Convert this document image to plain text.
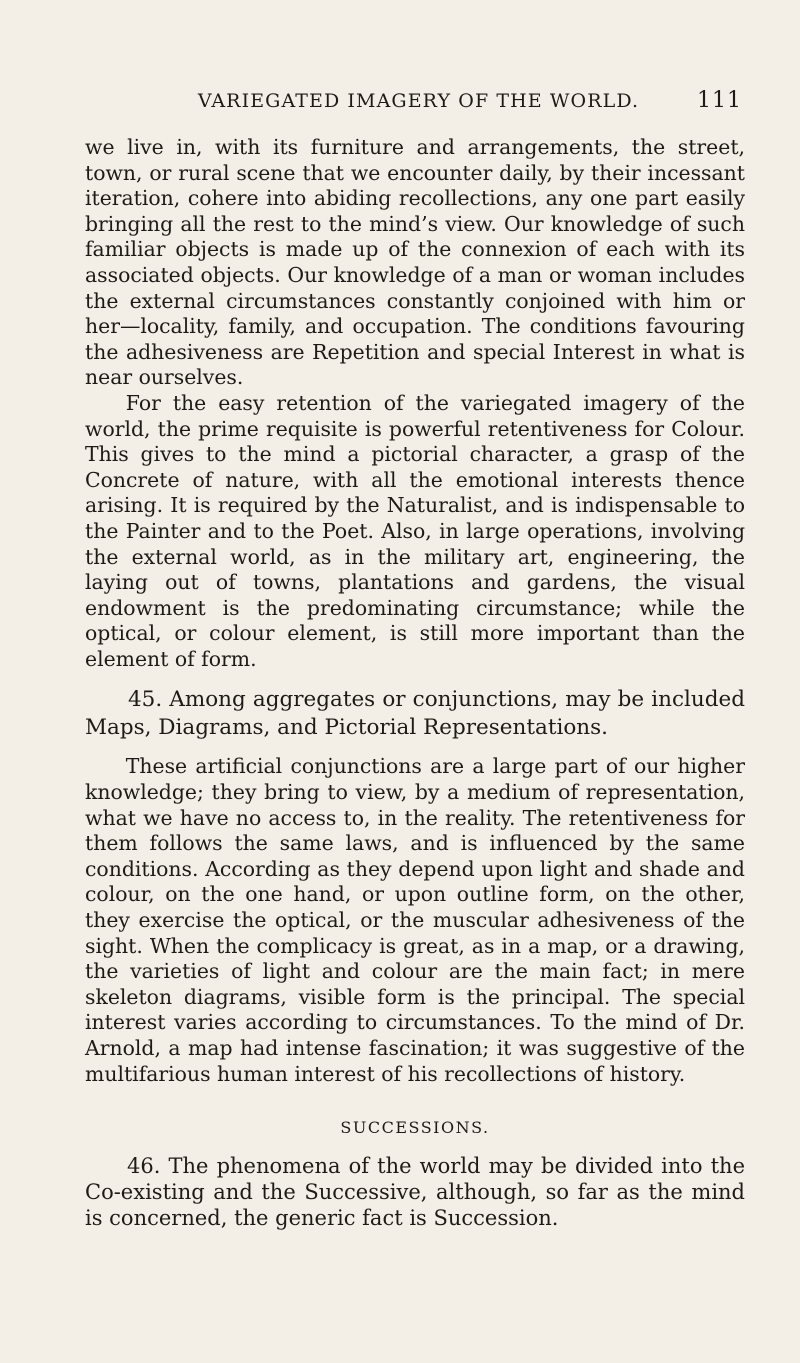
VARIEGATED IMAGERY OF THE WORLD.	111

we live in, with its furniture and arrangements, the street, town, or rural scene that we encounter daily, by their incessant iteration, cohere into abiding recollections, any one part easily bringing all the rest to the mind’s view. Our knowledge of such familiar objects is made up of the connexion of each with its associated objects. Our knowledge of a man or woman includes the external circumstances constantly conjoined with him or her—locality, family, and occupation. The conditions favouring the adhesiveness are Repetition and special Interest in what is near ourselves.

For the easy retention of the variegated imagery of the world, the prime requisite is powerful retentiveness for Colour. This gives to the mind a pictorial character, a grasp of the Concrete of nature, with all the emotional interests thence arising. It is required by the Naturalist, and is indispensable to the Painter and to the Poet. Also, in large operations, involving the external world, as in the military art, engineering, the laying out of towns, plantations and gardens, the visual endowment is the predominating circumstance; while the optical, or colour element, is still more important than the element of form.

45. Among aggregates or conjunctions, may be included Maps, Diagrams, and Pictorial Representations.

These artificial conjunctions are a large part of our higher knowledge; they bring to view, by a medium of representation, what we have no access to, in the reality. The retentiveness for them follows the same laws, and is influenced by the same conditions. According as they depend upon light and shade and colour, on the one hand, or upon outline form, on the other, they exercise the optical, or the muscular adhesiveness of the sight. When the complicacy is great, as in a map, or a drawing, the varieties of light and colour are the main fact; in mere skeleton diagrams, visible form is the principal. The special interest varies according to circumstances. To the mind of Dr. Arnold, a map had intense fascination; it was suggestive of the multifarious human interest of his recollections of history.

SUCCESSIONS.

46. The phenomena of the world may be divided into the Co-existing and the Successive, although, so far as the mind is concerned, the generic fact is Succession.
